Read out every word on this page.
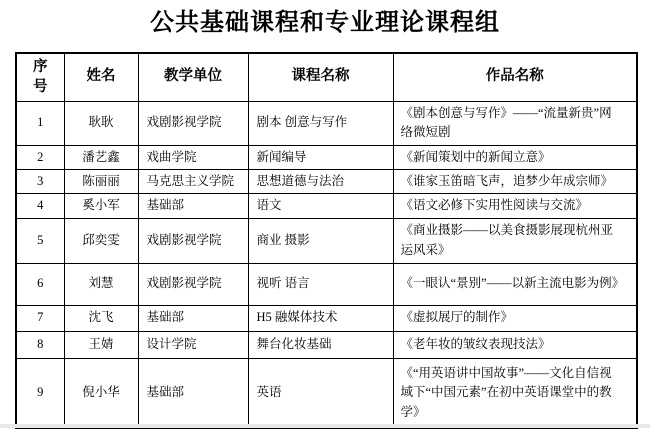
公共基础课程和专业理论课程组
序号	姓名	教学单位	课程名称	作品名称
1	耿耿	戏剧影视学院	剧本 创意与写作	《剧本创意与写作》——“流量新贵”网络微短剧
2	潘艺鑫	戏曲学院	新闻编导	《新闻策划中的新闻立意》
3	陈丽丽	马克思主义学院	思想道德与法治	《谁家玉笛暗飞声，追梦少年成宗师》
4	奚小军	基础部	语文	《语文必修下实用性阅读与交流》
5	邱奕雯	戏剧影视学院	商业 摄影	《商业摄影——以美食摄影展现杭州亚运风采》
6	刘慧	戏剧影视学院	视听 语言	《一眼认“景别”——以新主流电影为例》
7	沈飞	基础部	H5 融媒体技术	《虚拟展厅的制作》
8	王婧	设计学院	舞台化妆基础	《老年妆的皱纹表现技法》
9	倪小华	基础部	英语	《“用英语讲中国故事”——文化自信视域下“中国元素”在初中英语课堂中的教学》
